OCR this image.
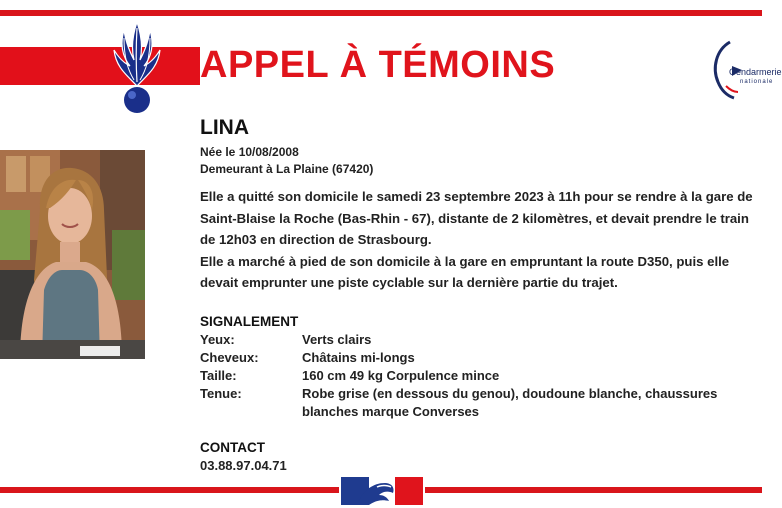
APPEL À TÉMOINS	Gendarmerie
nationale
LINA
Née le 10/08/2008
Demeurant à La Plaine (67420)

Elle a quitté son domicile le samedi 23 septembre 2023 à 11h pour se rendre à la gare de Saint-Blaise la Roche (Bas-Rhin - 67), distante de 2 kilomètres, et devait prendre le train de 12h03 en direction de Strasbourg.

Elle a marché à pied de son domicile à la gare en empruntant la route D350, puis elle devait emprunter une piste cyclable sur la dernière partie du trajet.

SIGNALEMENT
Yeux:	Verts clairs
Cheveux:	Châtains mi-longs
Taille:	160 cm 49 kg Corpulence mince
Tenue:	Robe grise (en dessous du genou), doudoune blanche, chaussures blanches marque Converses
CONTACT
03.88.97.04.71
